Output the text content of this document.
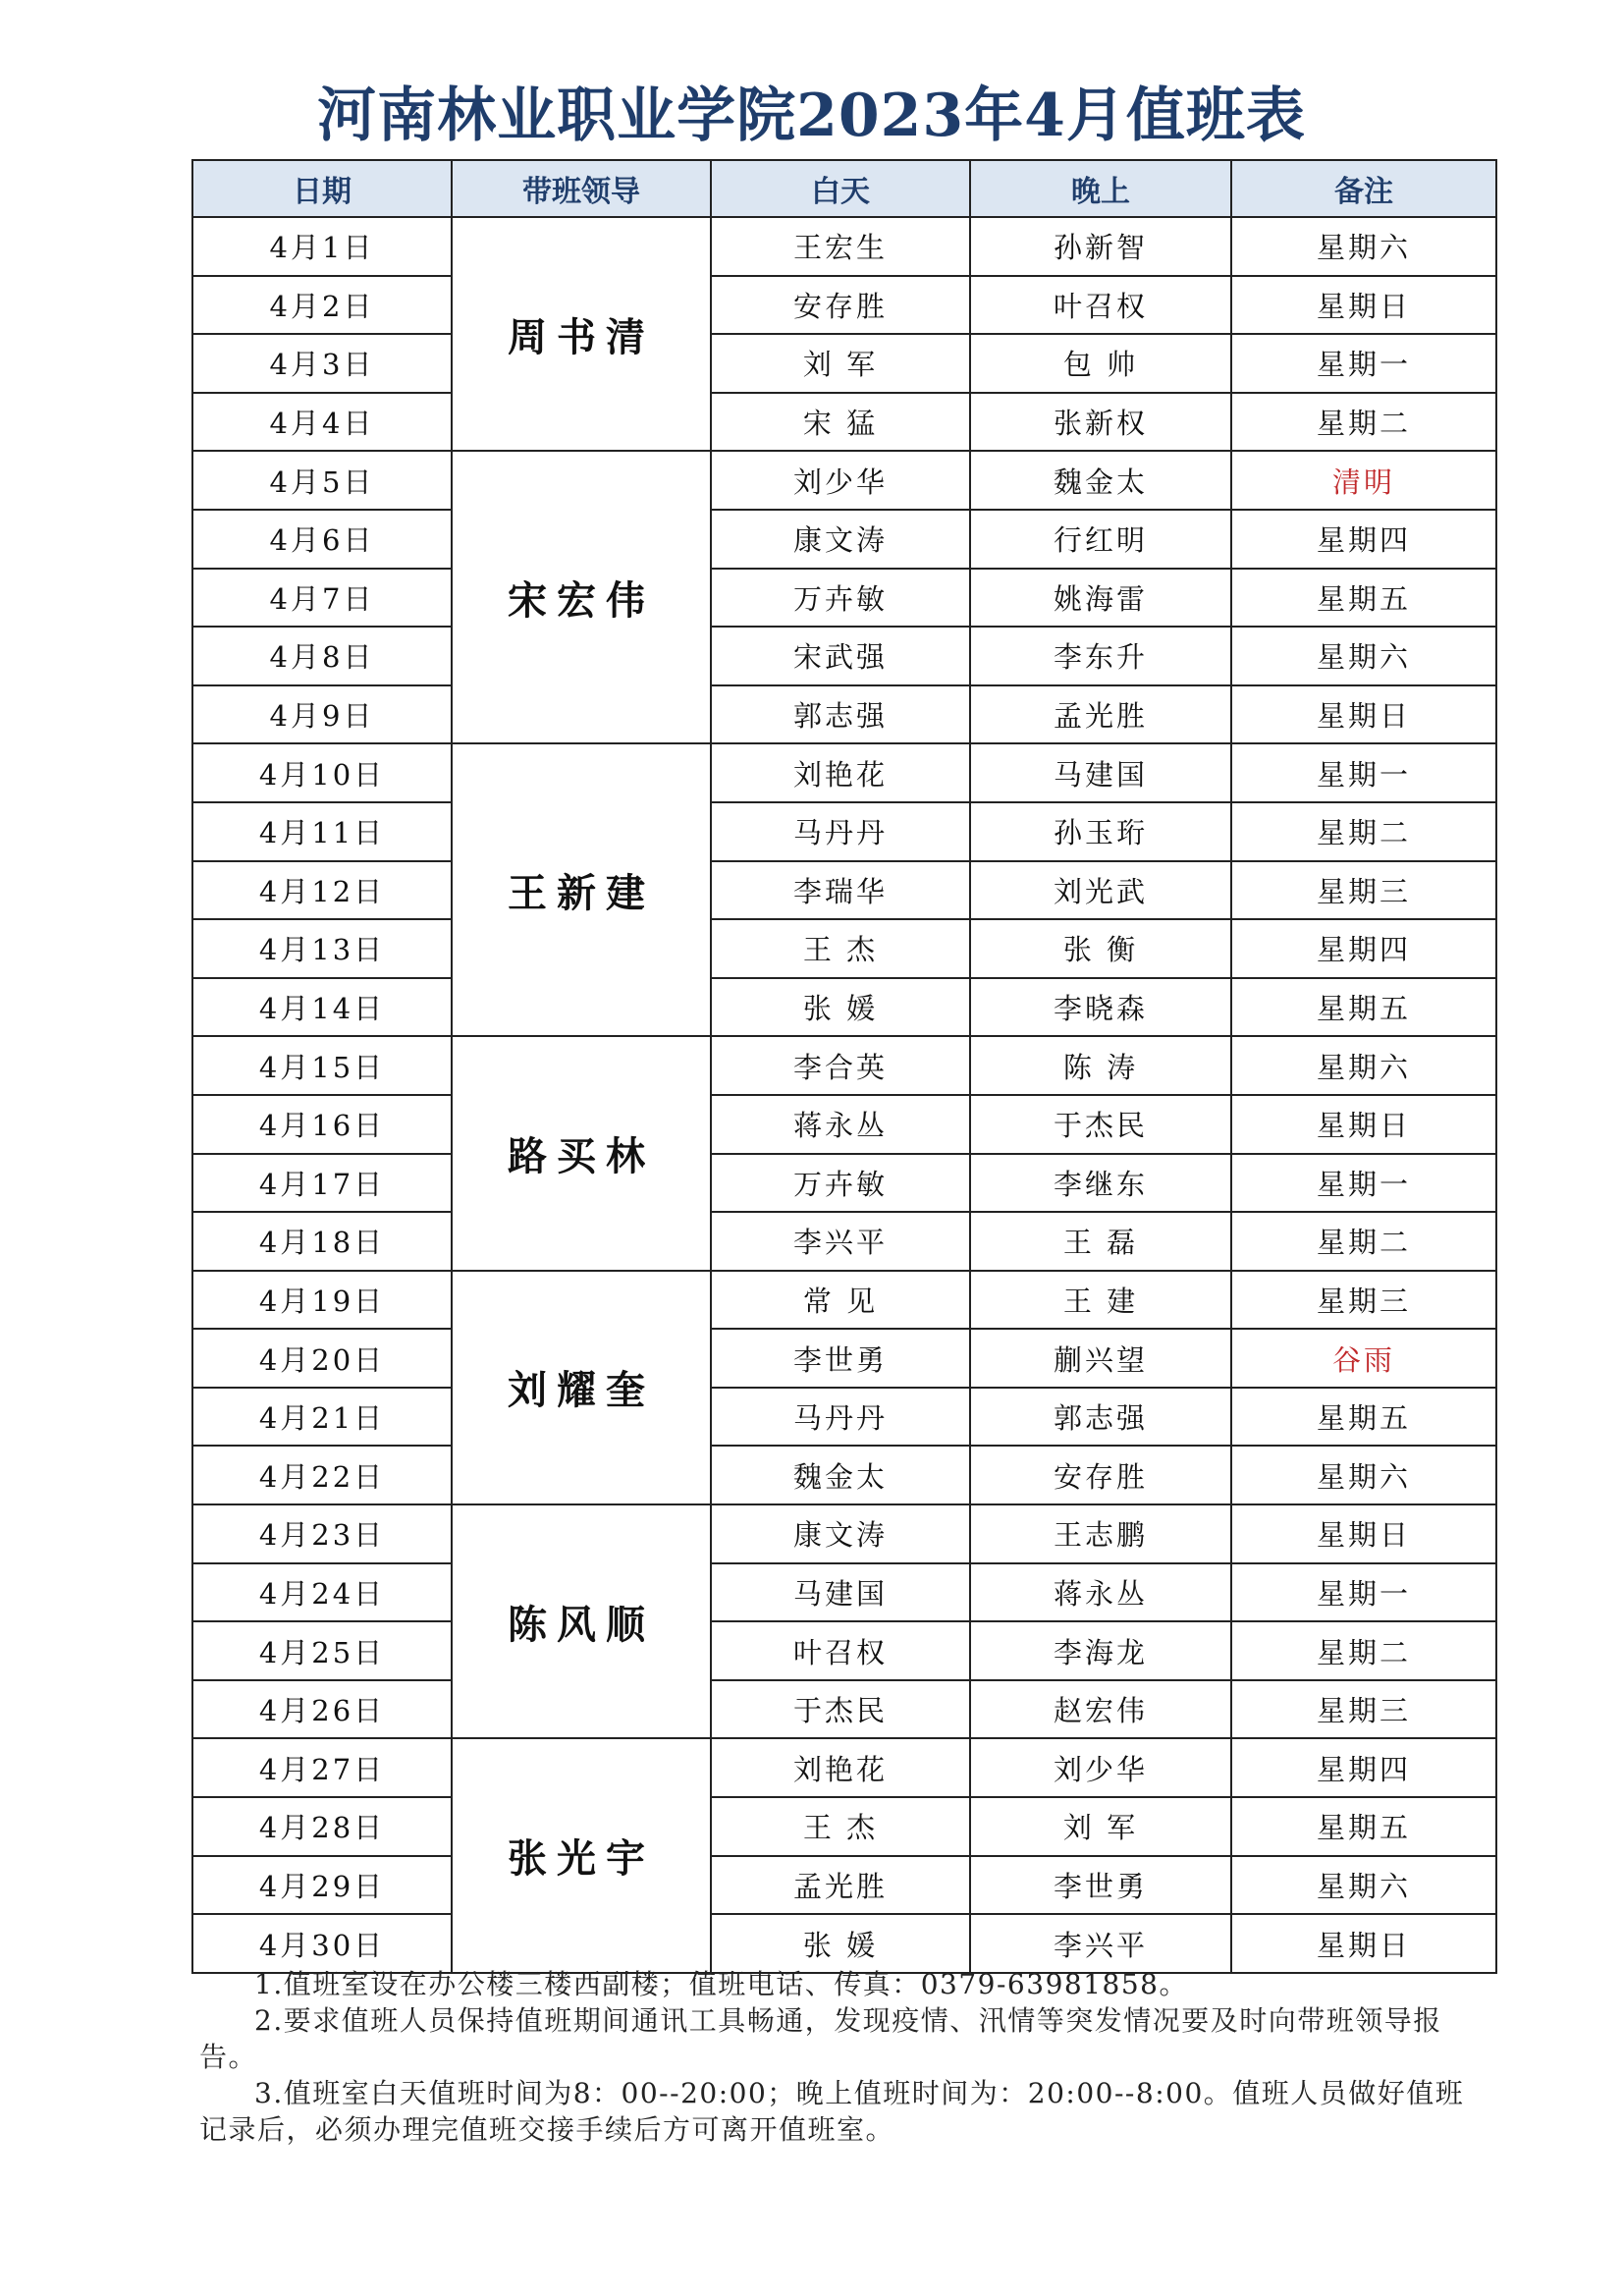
河南林业职业学院2023年4月值班表
日期	带班领导	白天	晚上	备注
4月1日	周书清	王宏生	孙新智	星期六
4月2日		安存胜	叶召权	星期日
4月3日		刘 军	包 帅	星期一
4月4日		宋 猛	张新权	星期二
4月5日	宋宏伟	刘少华	魏金太	清明
4月6日		康文涛	行红明	星期四
4月7日		万卉敏	姚海雷	星期五
4月8日		宋武强	李东升	星期六
4月9日		郭志强	孟光胜	星期日
4月10日	王新建	刘艳花	马建国	星期一
4月11日		马丹丹	孙玉珩	星期二
4月12日		李瑞华	刘光武	星期三
4月13日		王 杰	张 衡	星期四
4月14日		张 媛	李晓森	星期五
4月15日	路买林	李合英	陈 涛	星期六
4月16日		蒋永丛	于杰民	星期日
4月17日		万卉敏	李继东	星期一
4月18日		李兴平	王 磊	星期二
4月19日	刘耀奎	常 见	王 建	星期三
4月20日		李世勇	蒯兴望	谷雨
4月21日		马丹丹	郭志强	星期五
4月22日		魏金太	安存胜	星期六
4月23日	陈风顺	康文涛	王志鹏	星期日
4月24日		马建国	蒋永丛	星期一
4月25日		叶召权	李海龙	星期二
4月26日		于杰民	赵宏伟	星期三
4月27日	张光宇	刘艳花	刘少华	星期四
4月28日		王 杰	刘 军	星期五
4月29日		孟光胜	李世勇	星期六
4月30日		张 媛	李兴平	星期日

1.值班室设在办公楼三楼西副楼；值班电话、传真：0379-63981858。

2.要求值班人员保持值班期间通讯工具畅通，发现疫情、汛情等突发情况要及时向带班领导报告。

3.值班室白天值班时间为8：00--20:00；晚上值班时间为：20:00--8:00。值班人员做好值班记录后，必须办理完值班交接手续后方可离开值班室。
